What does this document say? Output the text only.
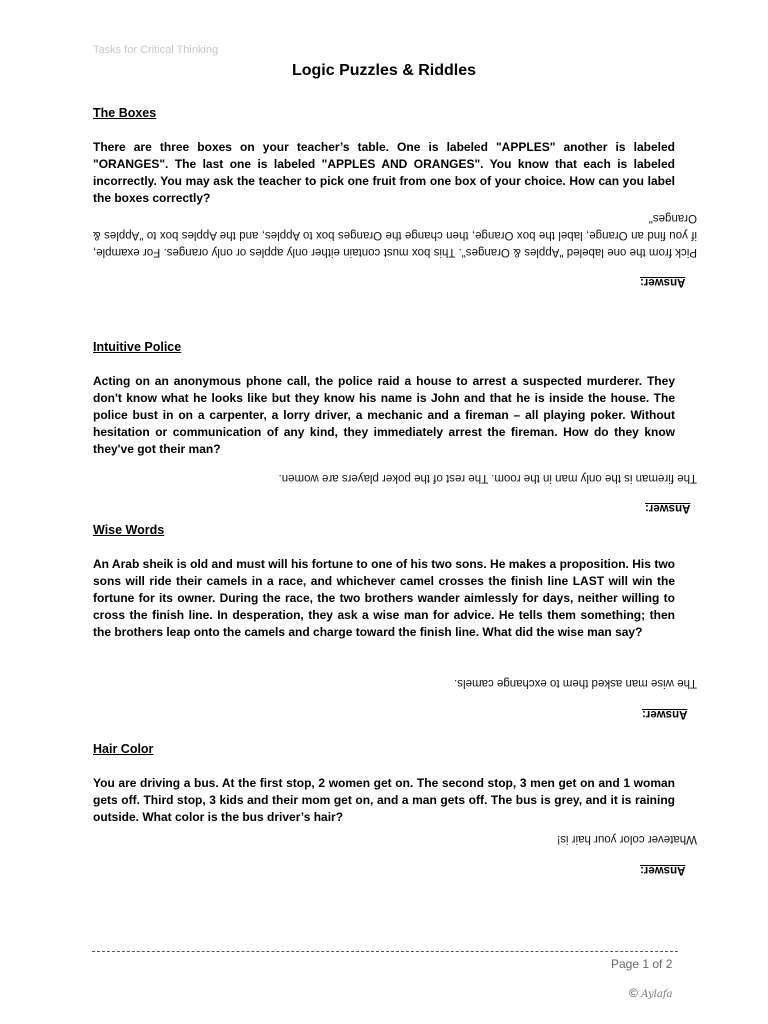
Tasks for Critical Thinking
Logic Puzzles & Riddles
The Boxes
There are three boxes on your teacher’s table. One is labeled "APPLES" another is labeled "ORANGES". The last one is labeled "APPLES AND ORANGES". You know that each is labeled incorrectly. You may ask the teacher to pick one fruit from one box of your choice. How can you label the boxes correctly?
Pick from the one labeled "Apples & Oranges". This box must contain either only apples or only oranges. For example, if you find an Orange, label the box Orange, then change the Oranges box to Apples, and the Apples box to "Apples & Oranges"
Answer:
Intuitive Police
Acting on an anonymous phone call, the police raid a house to arrest a suspected murderer. They don't know what he looks like but they know his name is John and that he is inside the house. The police bust in on a carpenter, a lorry driver, a mechanic and a fireman – all playing poker. Without hesitation or communication of any kind, they immediately arrest the fireman. How do they know they've got their man?
The fireman is the only man in the room. The rest of the poker players are women.
Answer:
Wise Words
An Arab sheik is old and must will his fortune to one of his two sons. He makes a proposition. His two sons will ride their camels in a race, and whichever camel crosses the finish line LAST will win the fortune for its owner. During the race, the two brothers wander aimlessly for days, neither willing to cross the finish line. In desperation, they ask a wise man for advice. He tells them something; then the brothers leap onto the camels and charge toward the finish line. What did the wise man say?
The wise man asked them to exchange camels.
Answer:
Hair Color
You are driving a bus. At the first stop, 2 women get on. The second stop, 3 men get on and 1 woman gets off. Third stop, 3 kids and their mom get on, and a man gets off. The bus is grey, and it is raining outside. What color is the bus driver’s hair?
Whatever color your hair is!
Answer:
Page 1 of 2
© Aylafa
